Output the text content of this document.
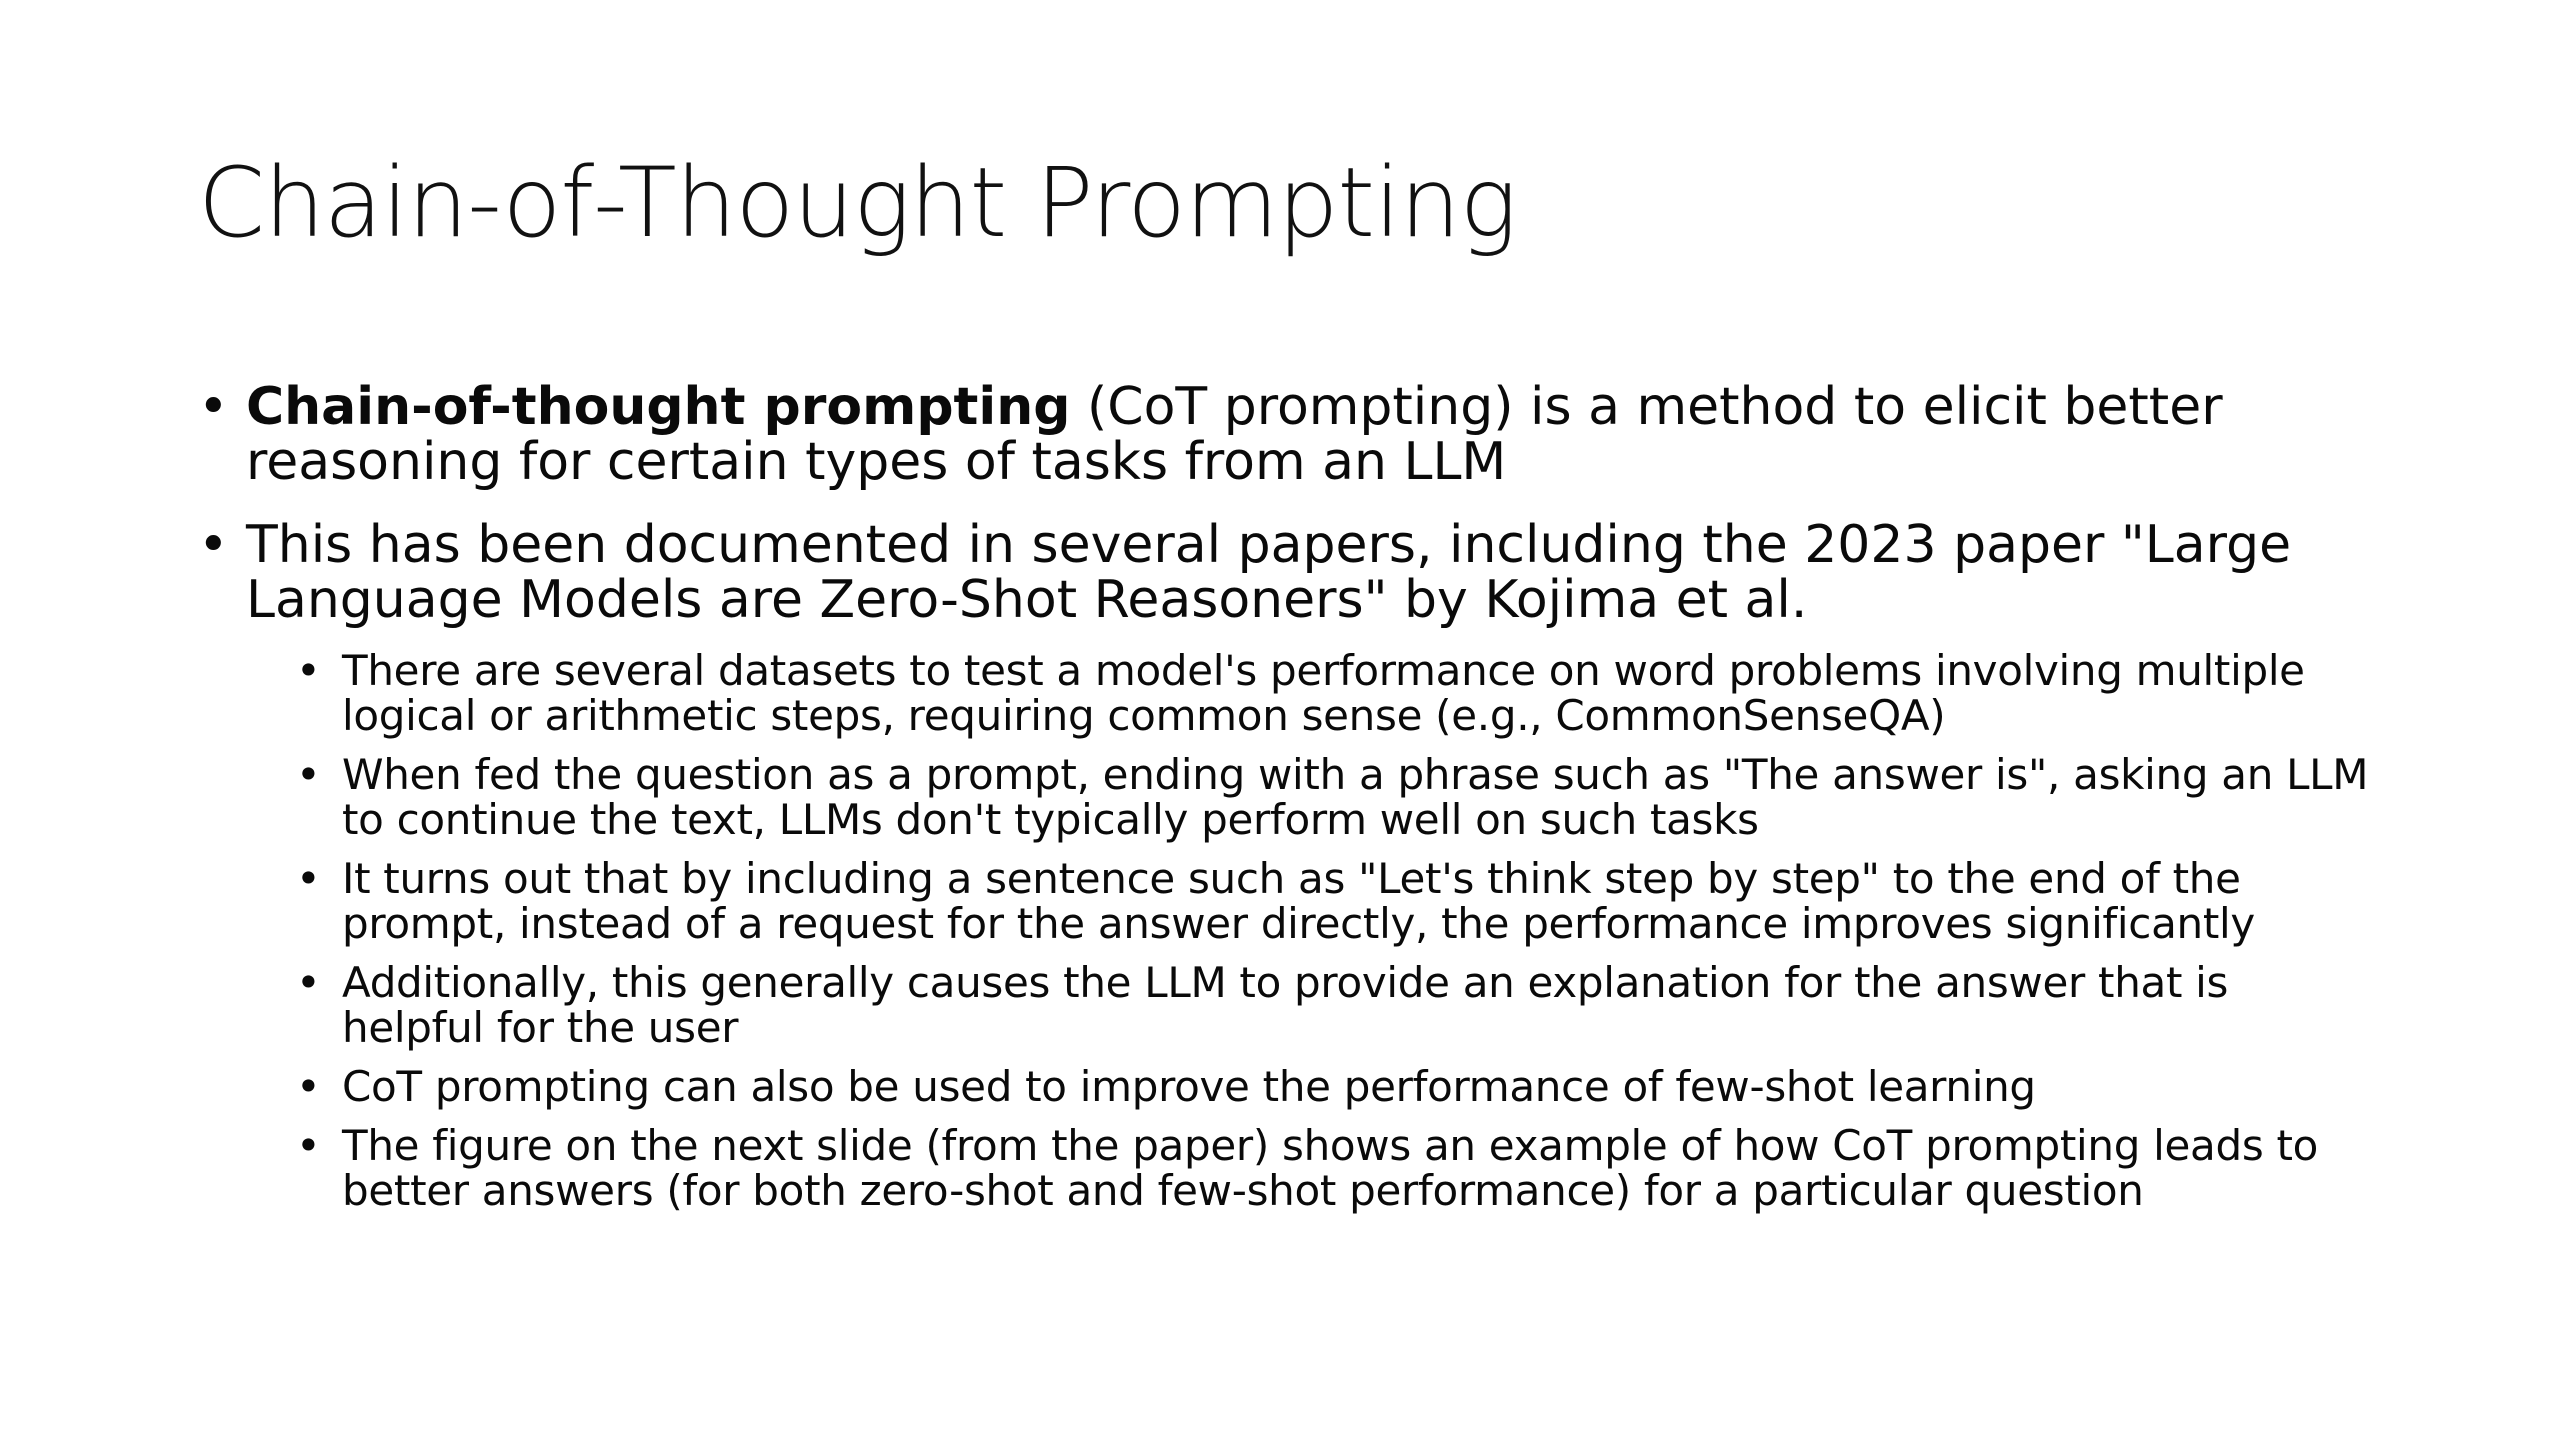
Chain-of-Thought Prompting
• Chain-of-thought prompting (CoT prompting) is a method to elicit better reasoning for certain types of tasks from an LLM
• This has been documented in several papers, including the 2023 paper "Large Language Models are Zero-Shot Reasoners" by Kojima et al.
• There are several datasets to test a model's performance on word problems involving multiple logical or arithmetic steps, requiring common sense (e.g., CommonSenseQA)
• When fed the question as a prompt, ending with a phrase such as "The answer is", asking an LLM to continue the text, LLMs don't typically perform well on such tasks
• It turns out that by including a sentence such as "Let's think step by step" to the end of the prompt, instead of a request for the answer directly, the performance improves significantly
• Additionally, this generally causes the LLM to provide an explanation for the answer that is helpful for the user
• CoT prompting can also be used to improve the performance of few-shot learning
• The figure on the next slide (from the paper) shows an example of how CoT prompting leads to better answers (for both zero-shot and few-shot performance) for a particular question
